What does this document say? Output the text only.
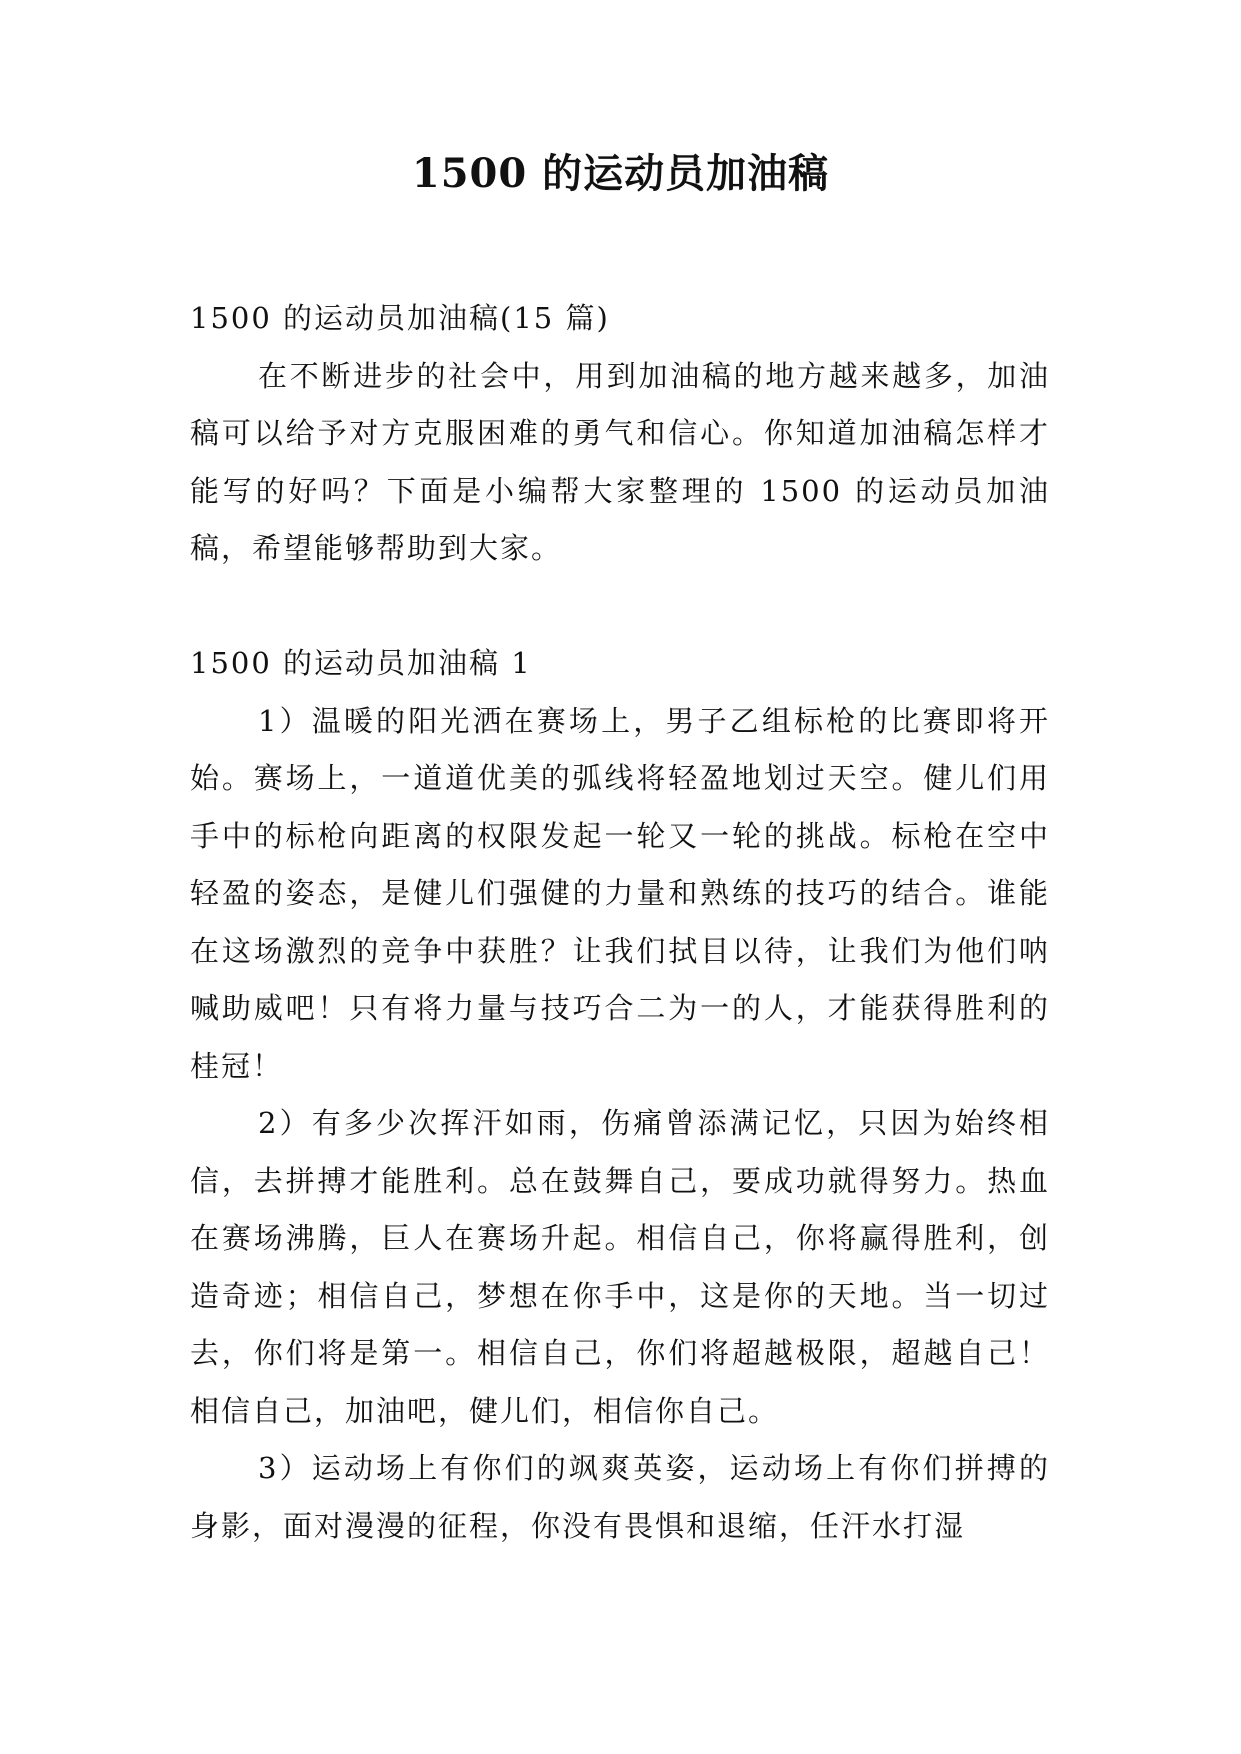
1500 的运动员加油稿

1500 的运动员加油稿(15 篇)

在不断进步的社会中，用到加油稿的地方越来越多，加油稿可以给予对方克服困难的勇气和信心。你知道加油稿怎样才能写的好吗？下面是小编帮大家整理的 1500 的运动员加油稿，希望能够帮助到大家。

1500 的运动员加油稿 1

1）温暖的阳光洒在赛场上，男子乙组标枪的比赛即将开始。赛场上，一道道优美的弧线将轻盈地划过天空。健儿们用手中的标枪向距离的权限发起一轮又一轮的挑战。标枪在空中轻盈的姿态，是健儿们强健的力量和熟练的技巧的结合。谁能在这场激烈的竞争中获胜？让我们拭目以待，让我们为他们呐喊助威吧！只有将力量与技巧合二为一的人，才能获得胜利的桂冠！

2）有多少次挥汗如雨，伤痛曾添满记忆，只因为始终相信，去拼搏才能胜利。总在鼓舞自己，要成功就得努力。热血在赛场沸腾，巨人在赛场升起。相信自己，你将赢得胜利，创造奇迹；相信自己，梦想在你手中，这是你的天地。当一切过去，你们将是第一。相信自己，你们将超越极限，超越自己！相信自己，加油吧，健儿们，相信你自己。

3）运动场上有你们的飒爽英姿，运动场上有你们拼搏的身影，面对漫漫的征程，你没有畏惧和退缩，任汗水打湿
